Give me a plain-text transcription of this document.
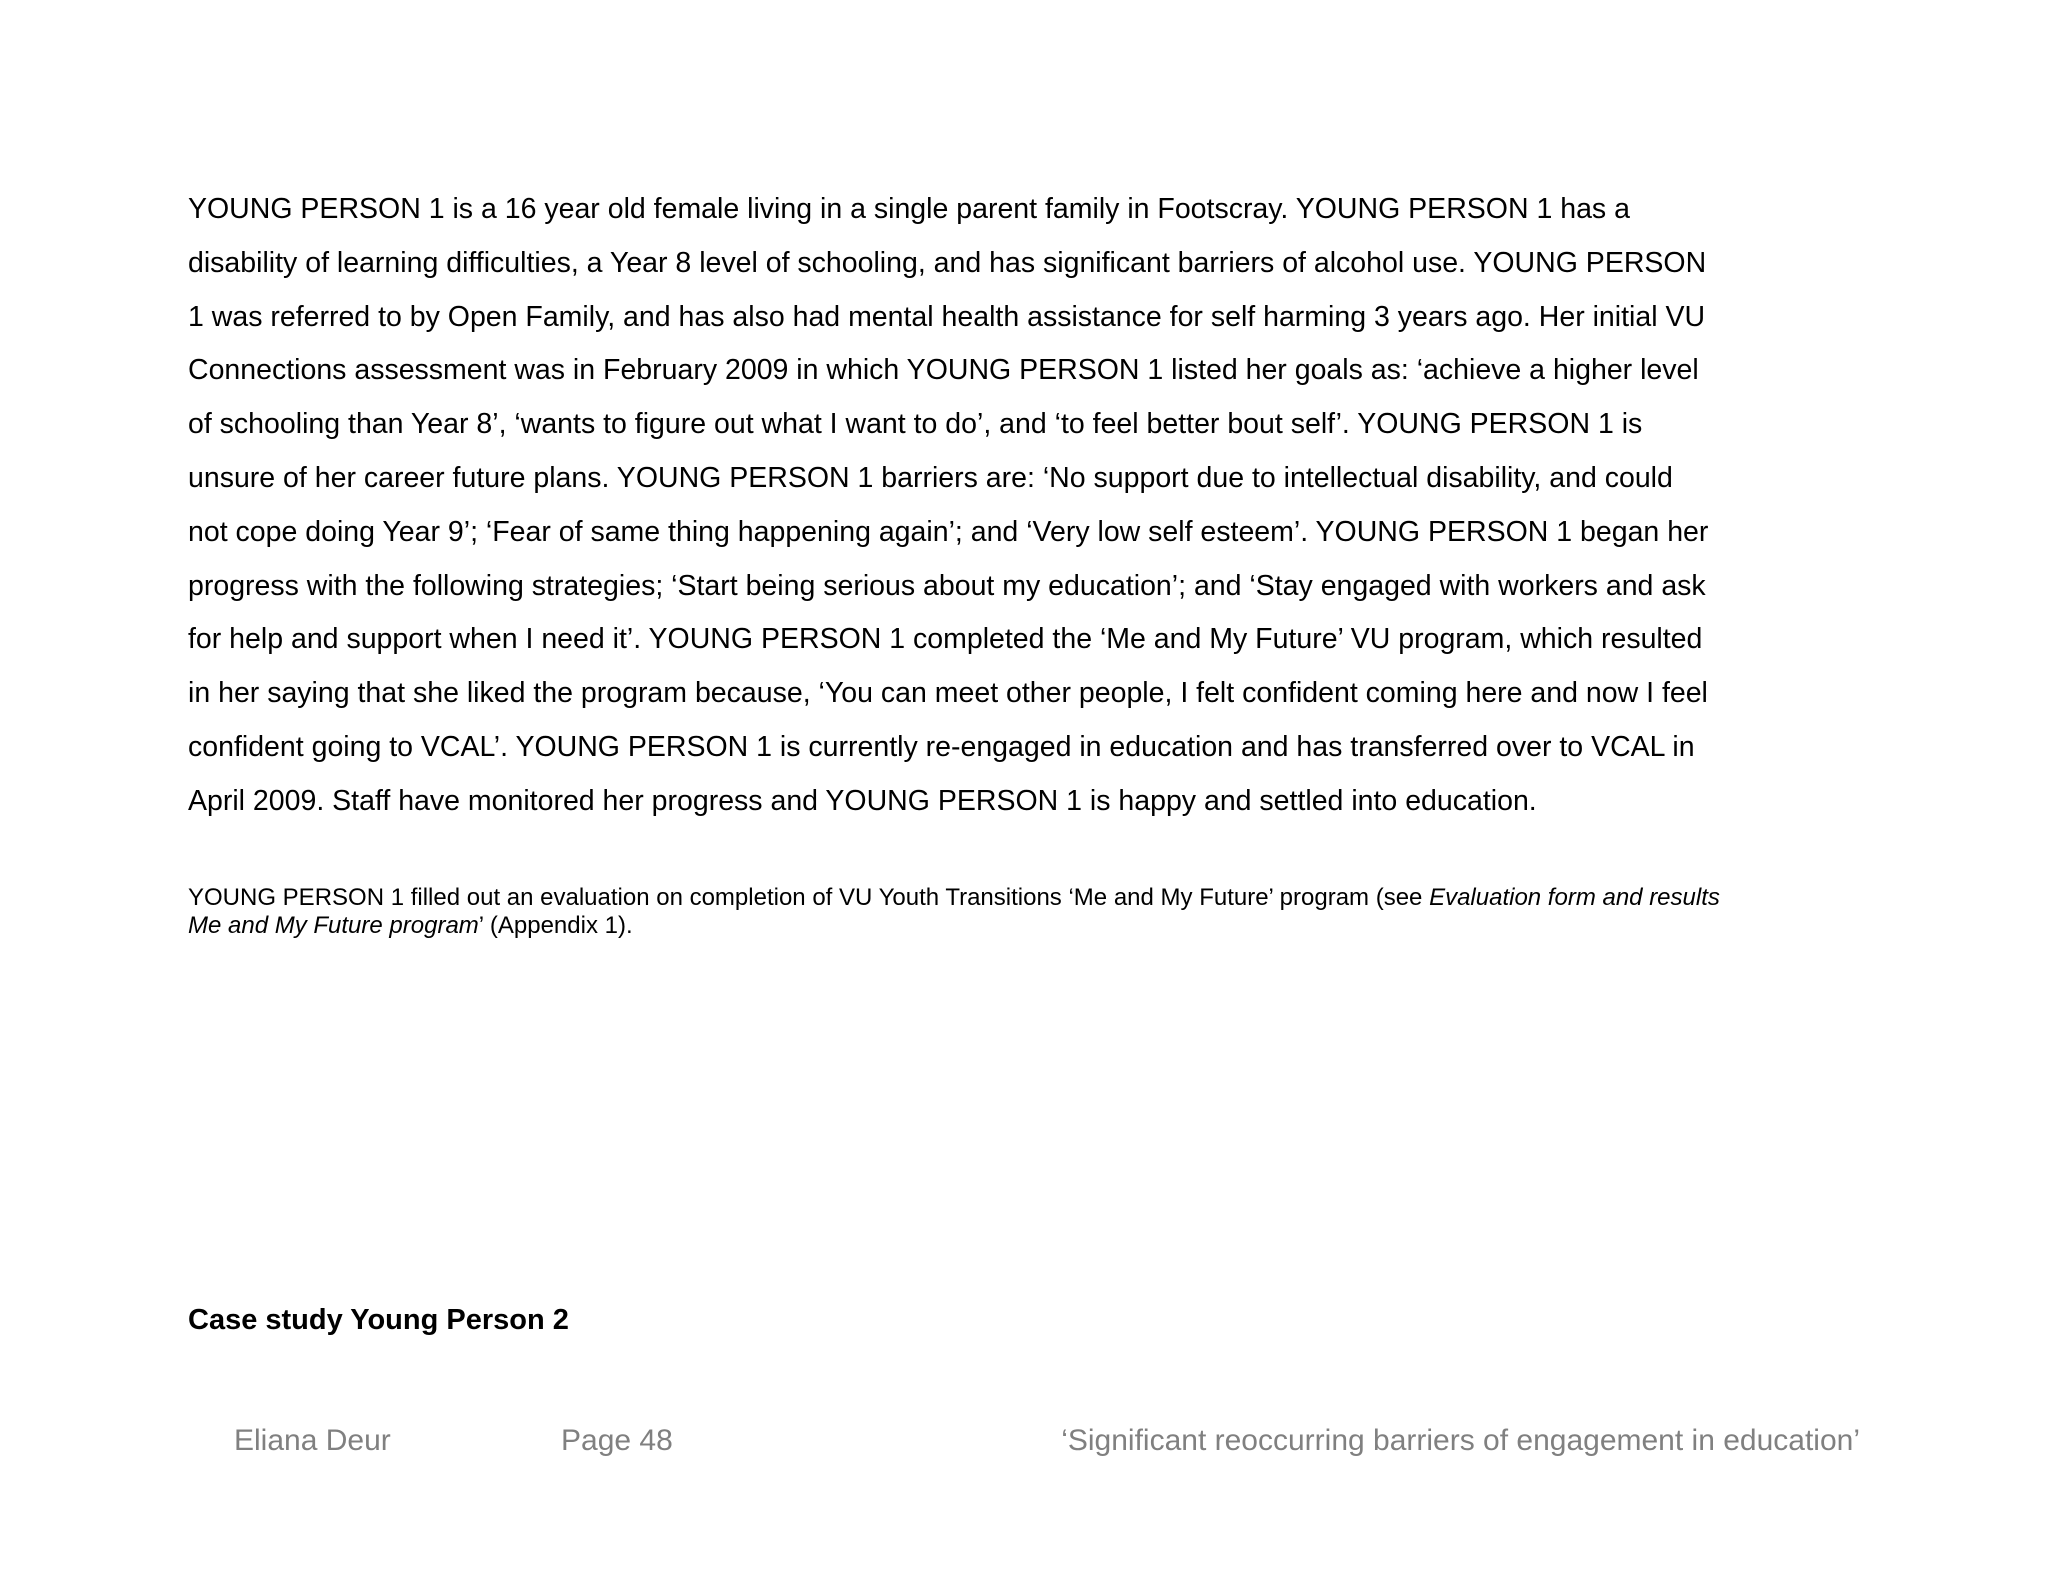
YOUNG PERSON 1 is a 16 year old female living in a single parent family in Footscray. YOUNG PERSON 1 has a
disability of learning difficulties, a Year 8 level of schooling, and has significant barriers of alcohol use. YOUNG PERSON
1 was referred to by Open Family, and has also had mental health assistance for self harming 3 years ago. Her initial VU
Connections assessment was in February 2009 in which YOUNG PERSON 1 listed her goals as: ‘achieve a higher level
of schooling than Year 8’, ‘wants to figure out what I want to do’, and ‘to feel better bout self’. YOUNG PERSON 1 is
unsure of her career future plans. YOUNG PERSON 1 barriers are: ‘No support due to intellectual disability, and could
not cope doing Year 9’; ‘Fear of same thing happening again’; and ‘Very low self esteem’. YOUNG PERSON 1 began her
progress with the following strategies; ‘Start being serious about my education’; and ‘Stay engaged with workers and ask
for help and support when I need it’. YOUNG PERSON 1 completed the ‘Me and My Future’ VU program, which resulted
in her saying that she liked the program because, ‘You can meet other people, I felt confident coming here and now I feel
confident going to VCAL’. YOUNG PERSON 1 is currently re-engaged in education and has transferred over to VCAL in
April 2009. Staff have monitored her progress and YOUNG PERSON 1 is happy and settled into education.

YOUNG PERSON 1 filled out an evaluation on completion of VU Youth Transitions ‘Me and My Future’ program (see Evaluation form and results
Me and My Future program’ (Appendix 1).

Case study Young Person 2
Eliana Deur	Page 48	‘Significant reoccurring barriers of engagement in education’
